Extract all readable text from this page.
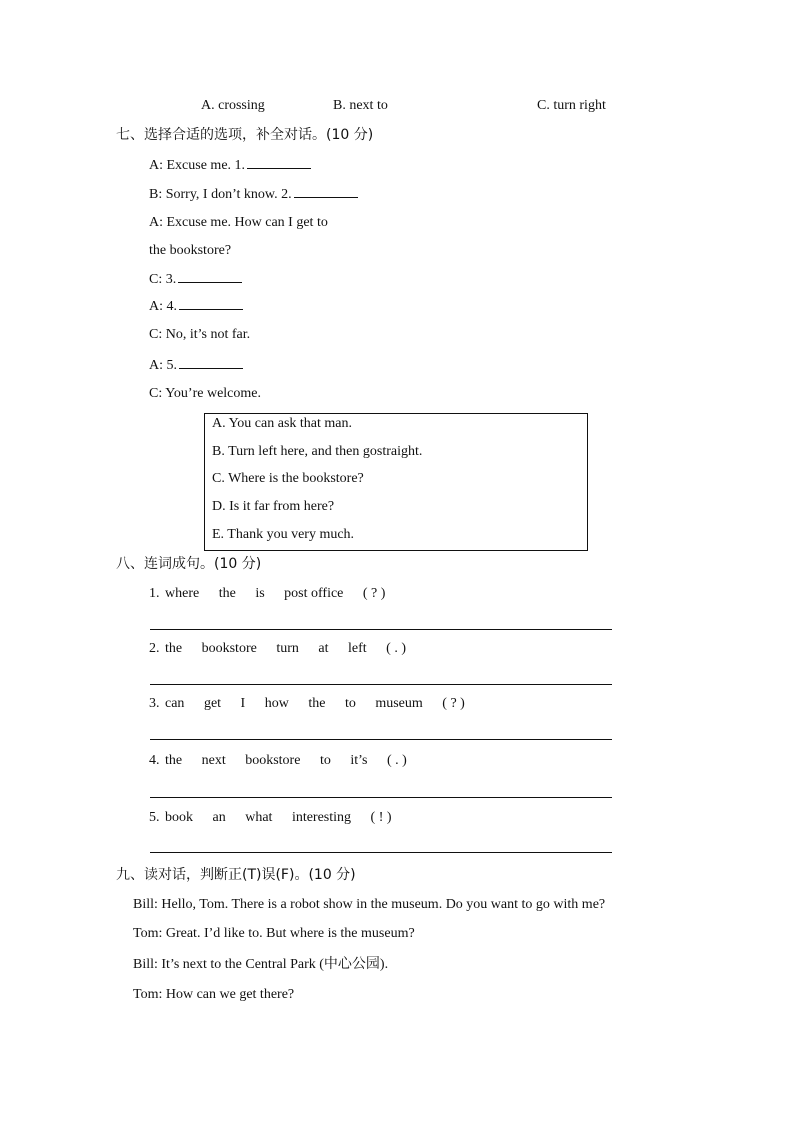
A. crossing	B. next to	C. turn right
七、选择合适的选项，补全对话。(10 分)
A: Excuse me. 1.
B: Sorry, I don’t know. 2.
A: Excuse me. How can I get to
the bookstore?
C: 3.
A: 4.
C: No, it’s not far.
A: 5.
C: You’re welcome.
A. You can ask that man.
B. Turn left here, and then gostraight.
C. Where is the bookstore?
D. Is it far from here?
E. Thank you very much.
八、连词成句。(10 分)
1. where the is post office ( ? )
2. the bookstore turn at left ( . )
3. can get I how the to museum ( ? )
4. the next bookstore to it’s ( . )
5. book an what interesting ( ! )
九、读对话，判断正(T)误(F)。(10 分)
Bill: Hello, Tom. There is a robot show in the museum. Do you want to go with me?
Tom: Great. I’d like to. But where is the museum?
Bill: It’s next to the Central Park (中心公园).
Tom: How can we get there?
